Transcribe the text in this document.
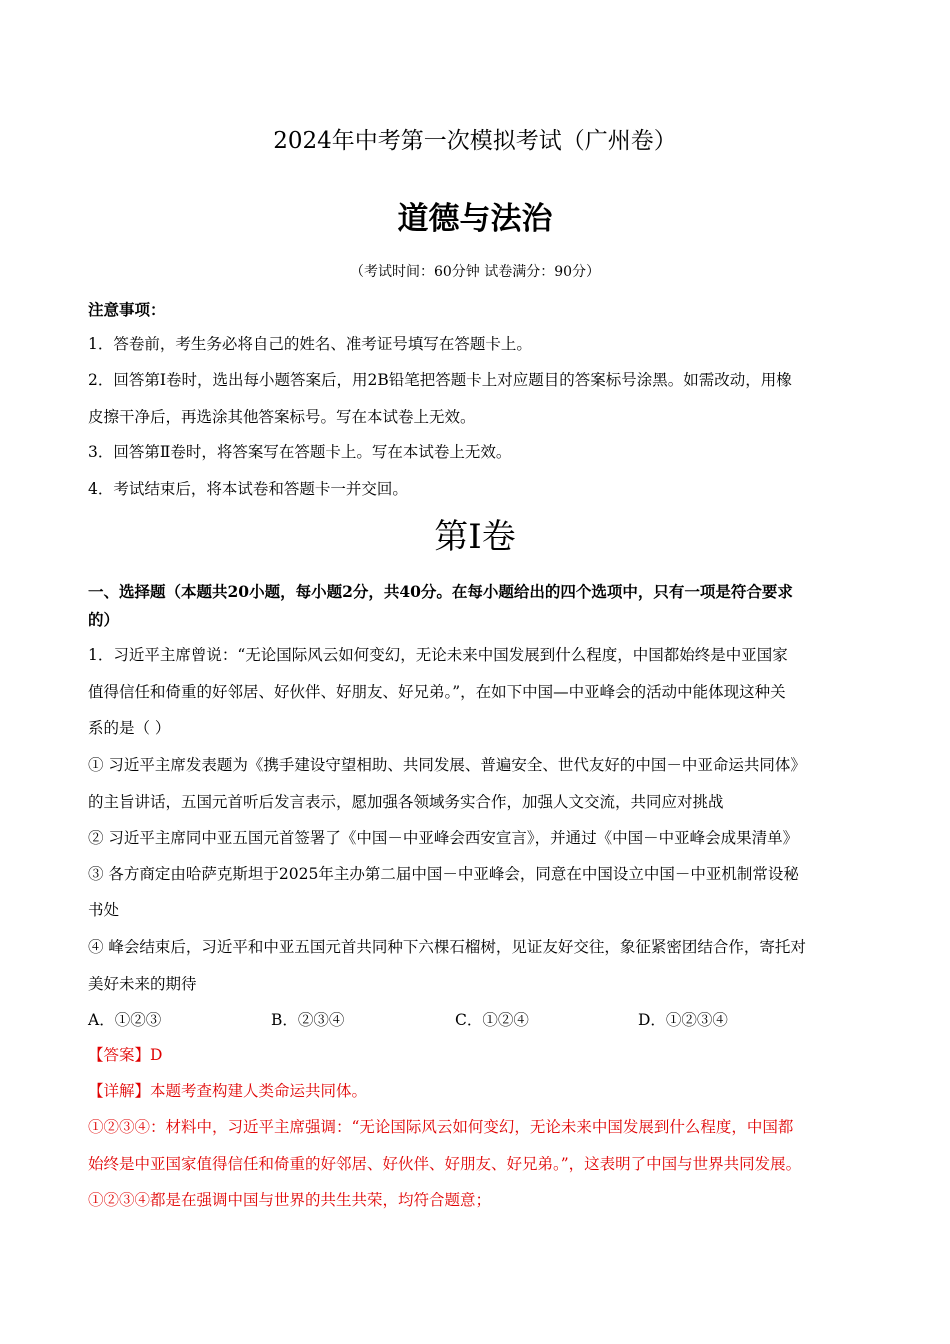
2024年中考第一次模拟考试（广州卷）
道德与法治
（考试时间：60分钟 试卷满分：90分）
注意事项：
1．答卷前，考生务必将自己的姓名、准考证号填写在答题卡上。
2．回答第Ⅰ卷时，选出每小题答案后，用2B铅笔把答题卡上对应题目的答案标号涂黑。如需改动，用橡
皮擦干净后，再选涂其他答案标号。写在本试卷上无效。
3．回答第Ⅱ卷时，将答案写在答题卡上。写在本试卷上无效。
4．考试结束后，将本试卷和答题卡一并交回。
第Ⅰ卷
一、选择题（本题共20小题，每小题2分，共40分。在每小题给出的四个选项中，只有一项是符合要求
的）
1．习近平主席曾说：“无论国际风云如何变幻，无论未来中国发展到什么程度，中国都始终是中亚国家
值得信任和倚重的好邻居、好伙伴、好朋友、好兄弟。”，在如下中国—中亚峰会的活动中能体现这种关
系的是（ ）
① 习近平主席发表题为《携手建设守望相助、共同发展、普遍安全、世代友好的中国－中亚命运共同体》
的主旨讲话，五国元首听后发言表示，愿加强各领域务实合作，加强人文交流，共同应对挑战
② 习近平主席同中亚五国元首签署了《中国－中亚峰会西安宣言》，并通过《中国－中亚峰会成果清单》
③ 各方商定由哈萨克斯坦于2025年主办第二届中国－中亚峰会，同意在中国设立中国－中亚机制常设秘
书处
④ 峰会结束后，习近平和中亚五国元首共同种下六棵石榴树，见证友好交往，象征紧密团结合作，寄托对
美好未来的期待
A．①②③	B．②③④	C．①②④	D．①②③④
【答案】D
【详解】本题考查构建人类命运共同体。
①②③④：材料中，习近平主席强调：“无论国际风云如何变幻，无论未来中国发展到什么程度，中国都
始终是中亚国家值得信任和倚重的好邻居、好伙伴、好朋友、好兄弟。”，这表明了中国与世界共同发展。
①②③④都是在强调中国与世界的共生共荣，均符合题意；
